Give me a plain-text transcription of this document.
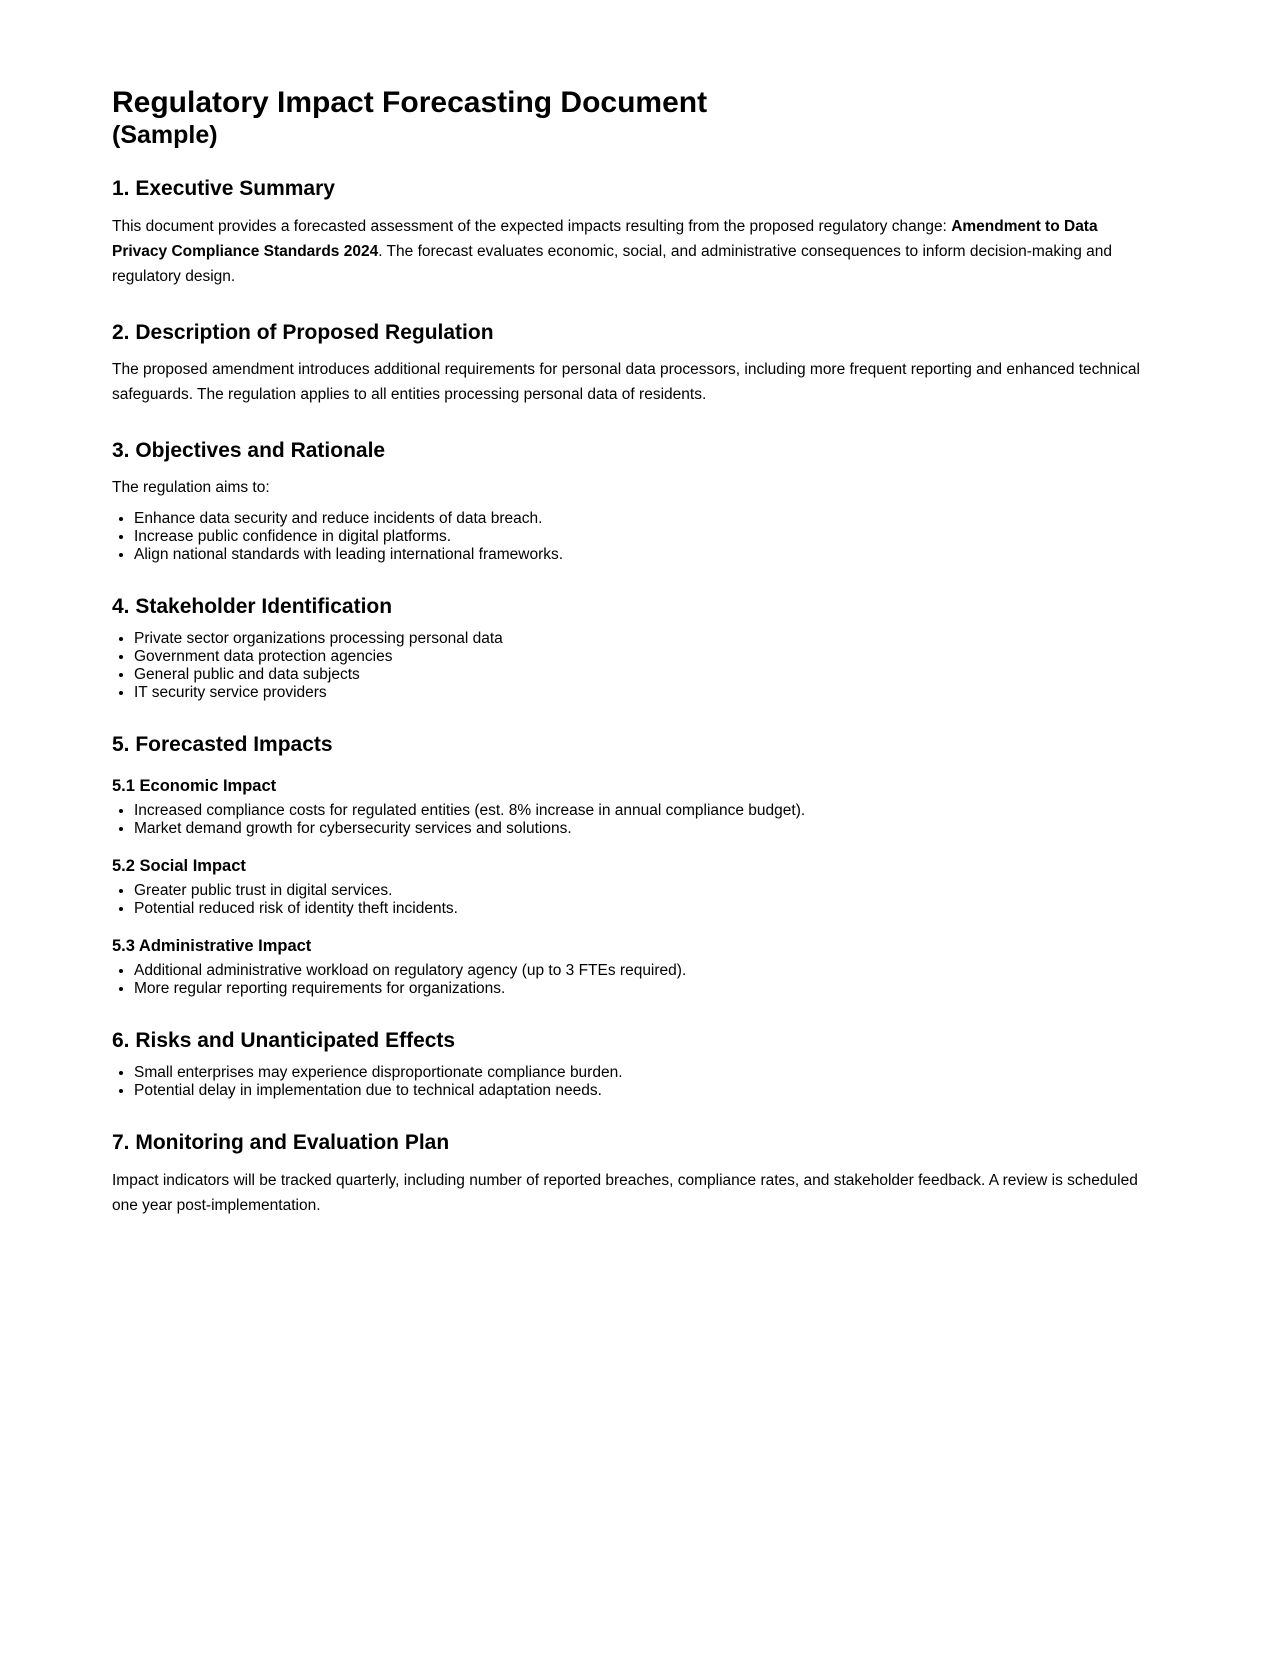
Regulatory Impact Forecasting Document
(Sample)
1. Executive Summary

This document provides a forecasted assessment of the expected impacts resulting from the proposed regulatory change: Amendment to Data Privacy Compliance Standards 2024. The forecast evaluates economic, social, and administrative consequences to inform decision-making and regulatory design.

2. Description of Proposed Regulation

The proposed amendment introduces additional requirements for personal data processors, including more frequent reporting and enhanced technical safeguards. The regulation applies to all entities processing personal data of residents.

3. Objectives and Rationale

The regulation aims to:

• Enhance data security and reduce incidents of data breach.
• Increase public confidence in digital platforms.
• Align national standards with leading international frameworks.
4. Stakeholder Identification
• Private sector organizations processing personal data
• Government data protection agencies
• General public and data subjects
• IT security service providers
5. Forecasted Impacts
5.1 Economic Impact
• Increased compliance costs for regulated entities (est. 8% increase in annual compliance budget).
• Market demand growth for cybersecurity services and solutions.
5.2 Social Impact
• Greater public trust in digital services.
• Potential reduced risk of identity theft incidents.
5.3 Administrative Impact
• Additional administrative workload on regulatory agency (up to 3 FTEs required).
• More regular reporting requirements for organizations.
6. Risks and Unanticipated Effects
• Small enterprises may experience disproportionate compliance burden.
• Potential delay in implementation due to technical adaptation needs.
7. Monitoring and Evaluation Plan

Impact indicators will be tracked quarterly, including number of reported breaches, compliance rates, and stakeholder feedback. A review is scheduled one year post-implementation.
